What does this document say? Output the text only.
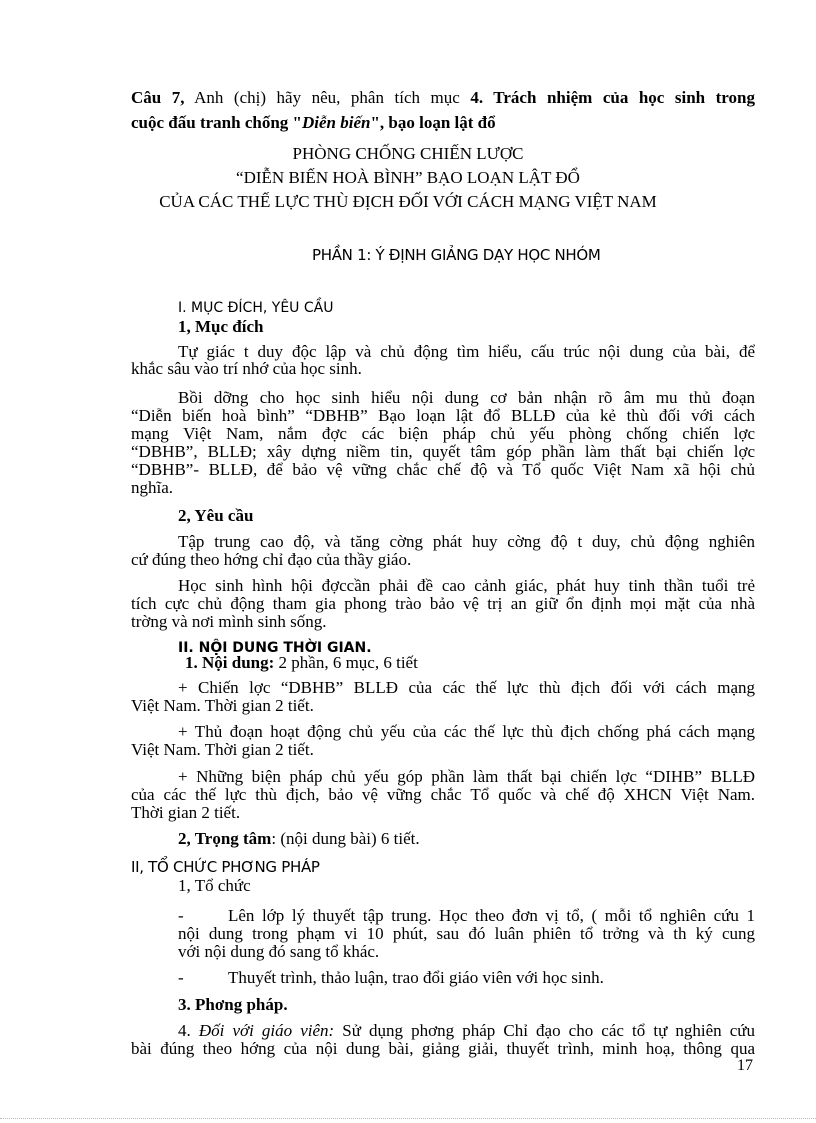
Câu 7, Anh (chị) hãy nêu, phân tích mục 4. Trách nhiệm của học sinh trong
cuộc đấu tranh chống "Diễn biến", bạo loạn lật đổ
PHÒNG CHỐNG CHIẾN LƯỢC
“DIỄN BIẾN HOÀ BÌNH” BẠO LOẠN LẬT ĐỔ
CỦA CÁC THẾ LỰC THÙ ĐỊCH ĐỐI VỚI CÁCH MẠNG VIỆT NAM
PHẦN 1: Ý ĐỊNH GIẢNG DẠY HỌC NHÓM
I. MỤC ĐÍCH, YÊU CẦU
1, Mục đích
Tự giác t duy độc lập và chủ động tìm hiểu, cấu trúc nội dung của bài, để
khắc sâu vào trí nhớ của học sinh.
Bồi dỡng cho học sinh hiểu nội dung cơ bản nhận rõ âm mu thủ đoạn
“Diễn biến hoà bình” “DBHB” Bạo loạn lật đổ BLLĐ của kẻ thù đối với cách
mạng Việt Nam, nắm đợc các biện pháp chủ yếu phòng chống chiến lợc
“DBHB”, BLLĐ; xây dựng niềm tin, quyết tâm góp phần làm thất bại chiến lợc
“DBHB”- BLLĐ, để bảo vệ vững chắc chế độ và Tổ quốc Việt Nam xã hội chủ
nghĩa.
2, Yêu cầu
Tập trung cao độ, và tăng cờng phát huy cờng độ t duy, chủ động nghiên
cứ đúng theo hớng chỉ đạo của thầy giáo.
Học sinh hình hội đợccần phải đề cao cảnh giác, phát huy tinh thần tuổi trẻ
tích cực chủ động tham gia phong trào bảo vệ trị an giữ ổn định mọi mặt của nhà
trờng và nơi mình sinh sống.
II. NỘI DUNG THỜI GIAN.
1. Nội dung: 2 phần, 6 mục, 6 tiết
+ Chiến lợc “DBHB” BLLĐ của các thế lực thù địch đối với cách mạng
Việt Nam. Thời gian 2 tiết.
+ Thủ đoạn hoạt động chủ yếu của các thế lực thù địch chống phá cách mạng
Việt Nam. Thời gian 2 tiết.
+ Những biện pháp chủ yếu góp phần làm thất bại chiến lợc “DIHB” BLLĐ
của các thế lực thù địch, bảo vệ vững chắc Tổ quốc và chế độ XHCN Việt Nam.
Thời gian 2 tiết.
2, Trọng tâm: (nội dung bài) 6 tiết.
II, TỔ CHỨC PHƠNG PHÁP
1, Tổ chức
-	Lên lớp lý thuyết tập trung. Học theo đơn vị tổ, ( mỗi tổ nghiên cứu 1
nội dung trong phạm vi 10 phút, sau đó luân phiên tổ trởng và th ký cung
với nội dung đó sang tổ khác.
-	Thuyết trình, thảo luận, trao đổi giáo viên với học sinh.
3. Phơng pháp.
4. Đối với giáo viên: Sử dụng phơng pháp Chỉ đạo cho các tổ tự nghiên cứu
bài đúng theo hớng của nội dung bài, giảng giải, thuyết trình, minh hoạ, thông qua
17
